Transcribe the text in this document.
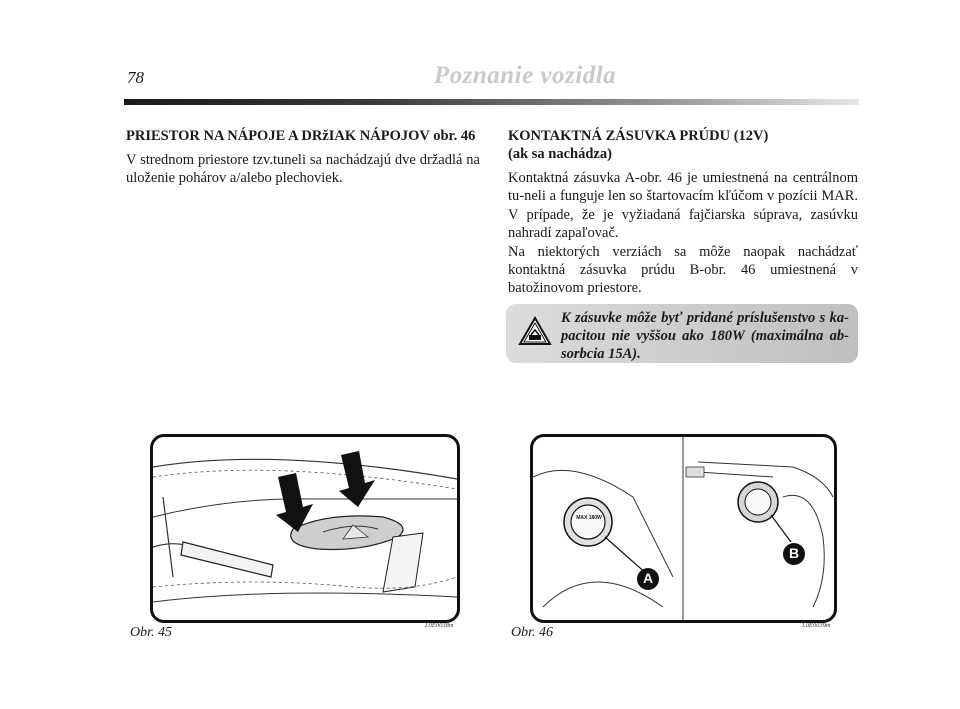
78	Poznanie vozidla
PRIESTOR NA NÁPOJE A DRžIAK NÁPOJOV obr. 46
V strednom priestore tzv.tuneli sa nachádzajú dve držadlá na uloženie pohárov a/alebo plechoviek.
KONTAKTNÁ ZÁSUVKA PRÚDU (12V)
(ak sa nachádza)
Kontaktná zásuvka A-obr. 46 je umiestnená na centrálnom tu-neli a funguje len so štartovacím kľúčom v pozícii MAR. V prípade, že je vyžiadaná fajčiarska súprava, zasúvku nahradí zapaľovač.
Na niektorých verziách sa môže naopak nachádzať kontaktná zásuvka prúdu B-obr. 46 umiestnená v batožinovom priestore.
K zásuvke môže byť pridané príslušenstvo s ka-pacitou nie vyššou ako 180W (maximálna ab-sorbcia 15A).
Obr. 45	L0E0038m
MAX 180W
A
B
Obr. 46	L0E0039m
